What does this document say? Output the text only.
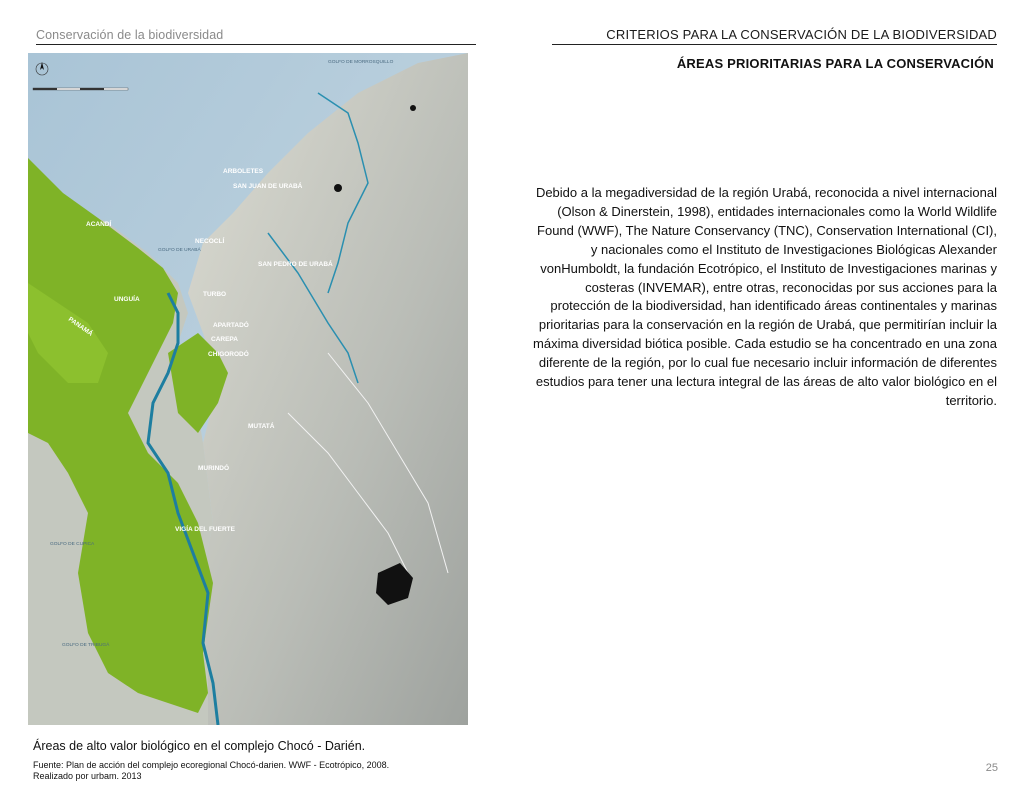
Conservación de la biodiversidad	CRITERIOS PARA LA CONSERVACIÓN DE LA BIODIVERSIDAD
ÁREAS PRIORITARIAS PARA LA CONSERVACIÓN
ARBOLETES
SAN JUAN DE URABÁ
ACANDÍ
NECOCLÍ
SAN PEDRO DE URABÁ
UNGUÍA
TURBO
PANAMÁ	APARTADÓ
CAREPA
CHIGORODÓ
MUTATÁ
MURINDÓ
VIGÍA DEL FUERTE
GOLFO DE MORROSQUILLO
GOLFO DE URABÁ
GOLFO DE CUPICA
GOLFO DE TRIBUGÁ
Debido a la megadiversidad de la región Urabá, reconocida a nivel internacional (Olson & Dinerstein, 1998), entidades internacionales como la World Wildlife Found (WWF), The Nature Conservancy (TNC), Conservation International (CI), y nacionales como el Instituto de Investigaciones Biológicas Alexander vonHumboldt, la fundación Ecotrópico, el Instituto de Investigaciones marinas y costeras (INVEMAR), entre otras, reconocidas por sus acciones para la protección de la biodiversidad, han identificado áreas continentales y marinas prioritarias para la conservación en la región de Urabá, que permitirían incluir la máxima diversidad biótica posible. Cada estudio se ha concentrado en una zona diferente de la región, por lo cual fue necesario incluir información de diferentes estudios para tener una lectura integral de las áreas de alto valor biológico en el territorio.
Áreas de alto valor biológico en el complejo Chocó - Darién.
Fuente: Plan de acción del complejo ecoregional Chocó-darien. WWF - Ecotrópico, 2008.
Realizado por urbam. 2013
25
